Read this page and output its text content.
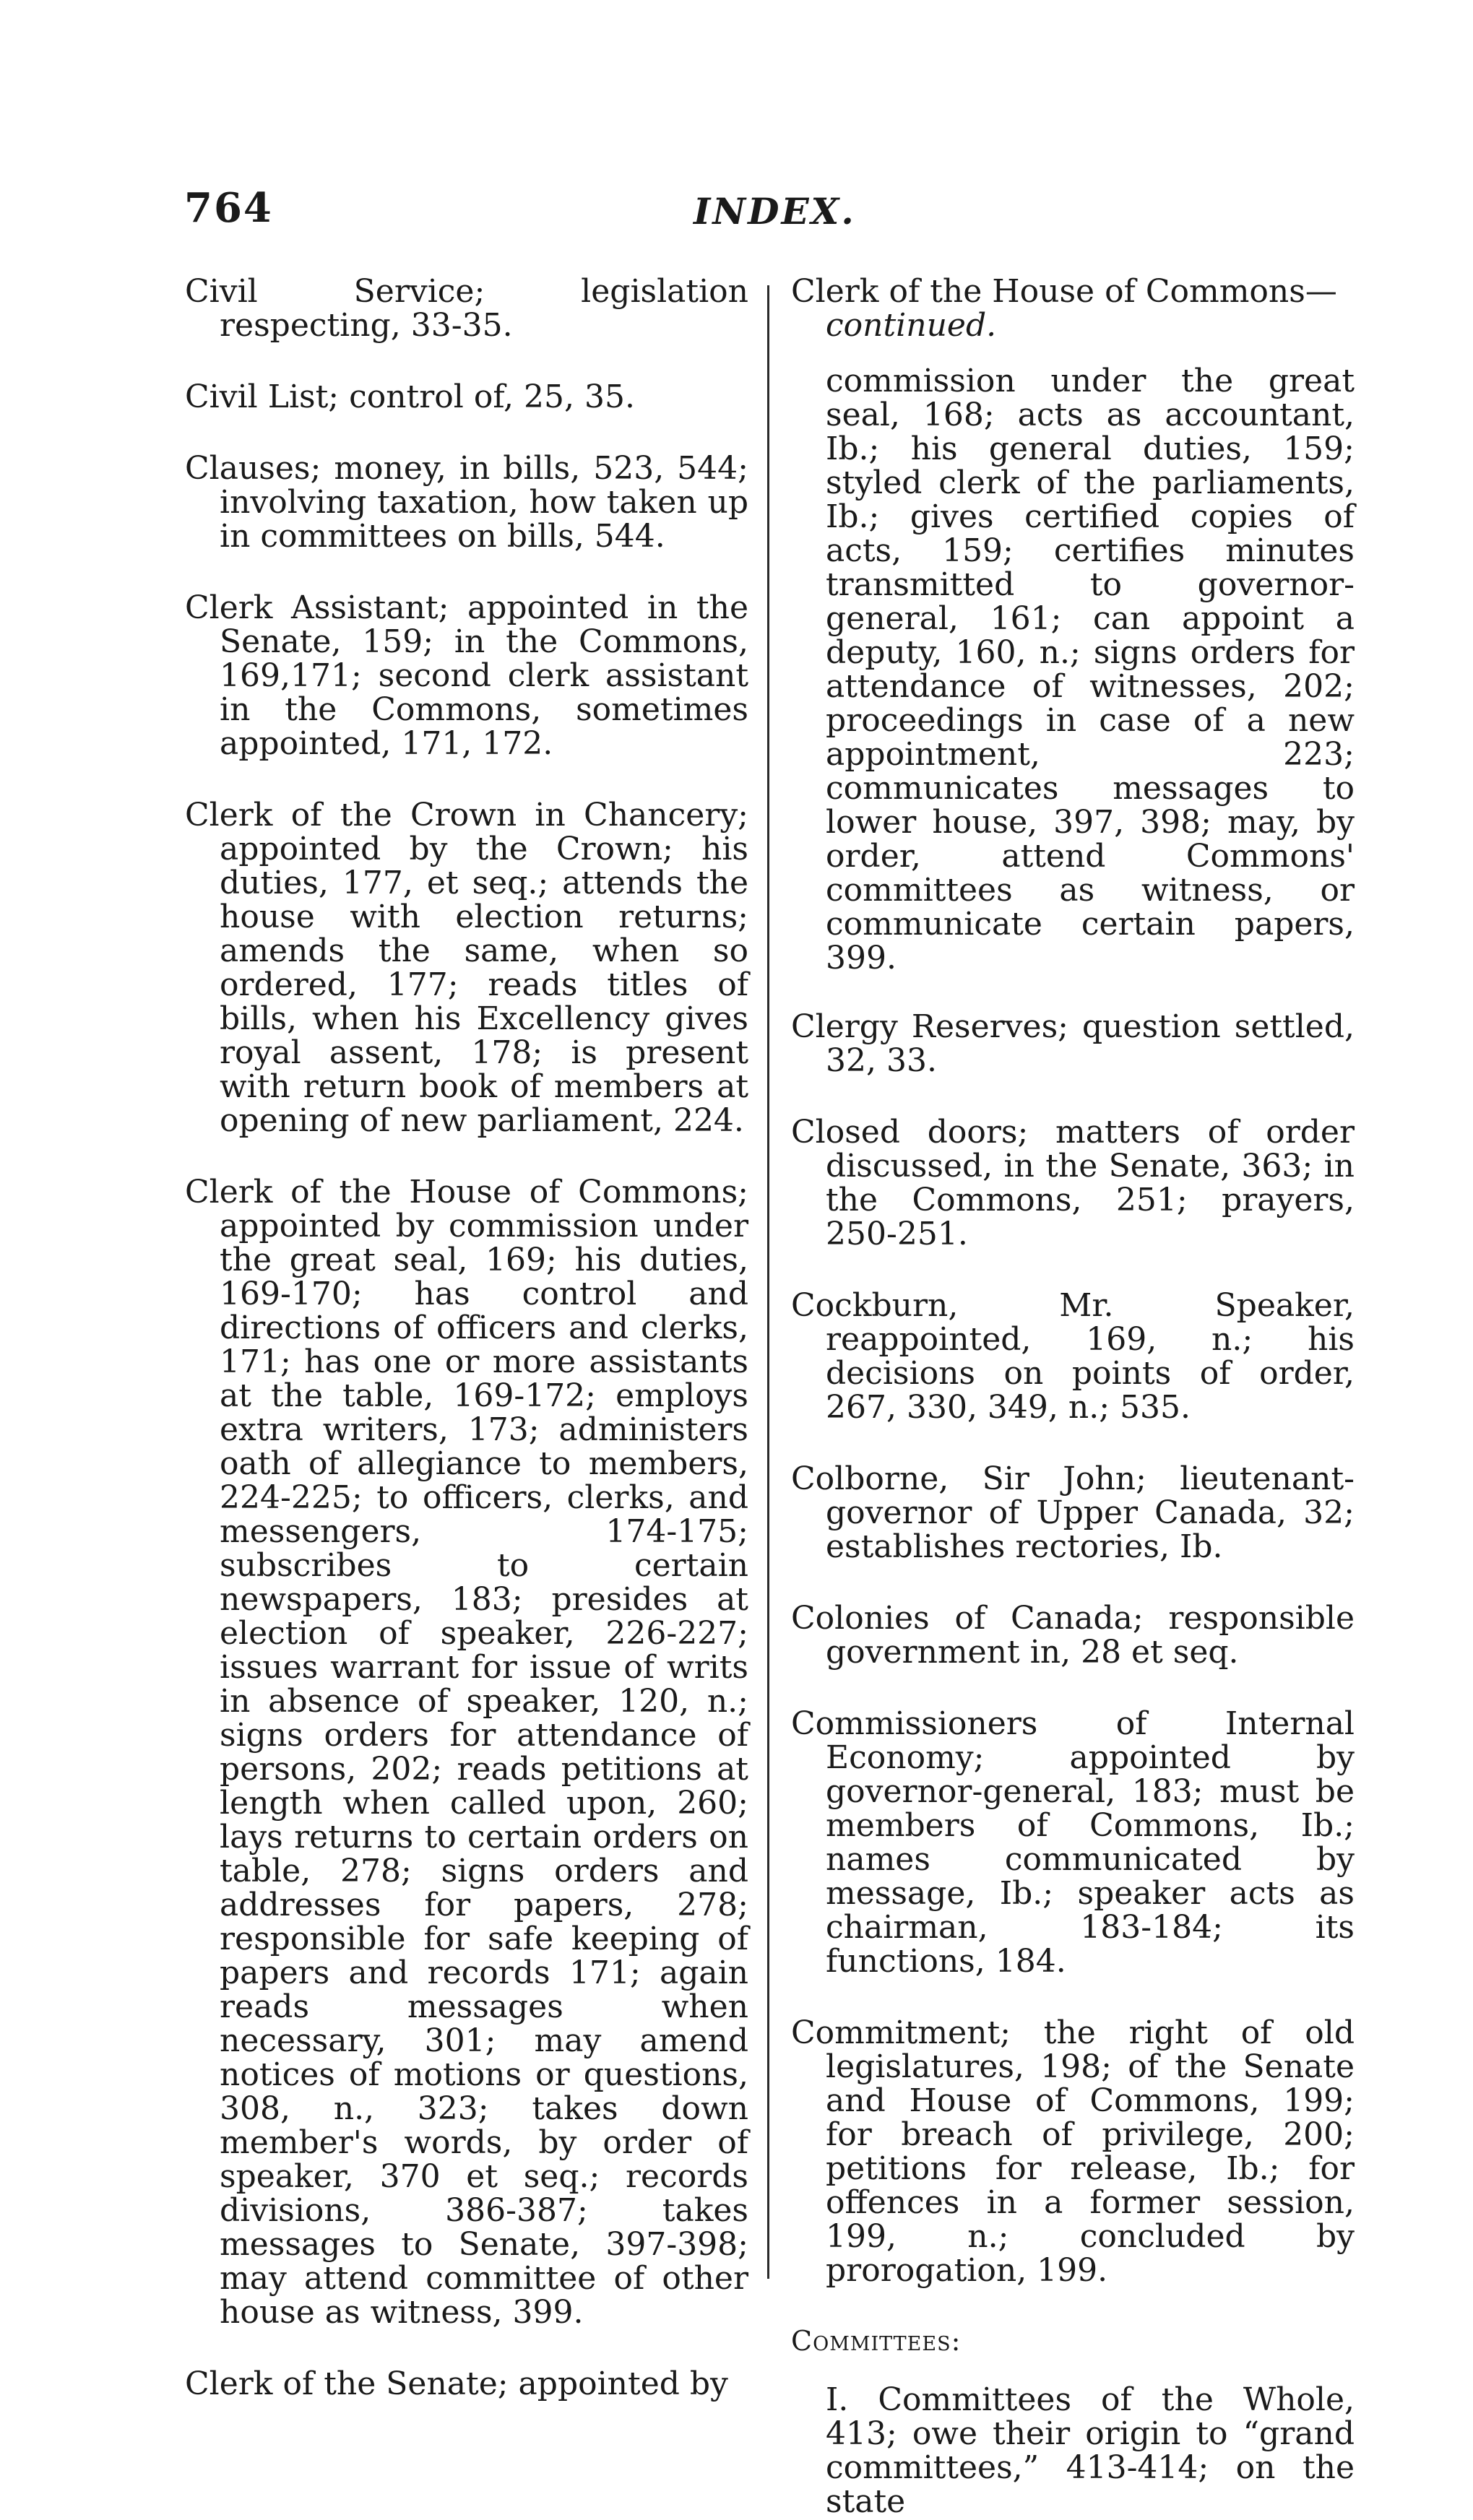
764	INDEX.

Civil Service; legislation respecting, 33-35.

Civil List; control of, 25, 35.

Clauses; money, in bills, 523, 544; involving taxation, how taken up in committees on bills, 544.

Clerk Assistant; appointed in the Senate, 159; in the Commons, 169,171; second clerk assistant in the Commons, sometimes appointed, 171, 172.

Clerk of the Crown in Chancery; appointed by the Crown; his duties, 177, et seq.; attends the house with election returns; amends the same, when so ordered, 177; reads titles of bills, when his Excellency gives royal assent, 178; is present with return book of members at opening of new parliament, 224.

Clerk of the House of Commons; appointed by commission under the great seal, 169; his duties, 169-170; has control and directions of officers and clerks, 171; has one or more assistants at the table, 169-172; employs extra writers, 173; administers oath of allegiance to members, 224-225; to officers, clerks, and messengers, 174-175; subscribes to certain newspapers, 183; presides at election of speaker, 226-227; issues warrant for issue of writs in absence of speaker, 120, n.; signs orders for attendance of persons, 202; reads petitions at length when called upon, 260; lays returns to certain orders on table, 278; signs orders and addresses for papers, 278; responsible for safe keeping of papers and records 171; again reads messages when necessary, 301; may amend notices of motions or questions, 308, n., 323; takes down member's words, by order of speaker, 370 et seq.; records divisions, 386-387; takes messages to Senate, 397-398; may attend committee of other house as witness, 399.

Clerk of the Senate; appointed by

Clerk of the House of Commons—
continued.

commission under the great seal, 168; acts as accountant, Ib.; his general duties, 159; styled clerk of the parliaments, Ib.; gives certified copies of acts, 159; certifies minutes transmitted to governor-general, 161; can appoint a deputy, 160, n.; signs orders for attendance of witnesses, 202; proceedings in case of a new appointment, 223; communicates messages to lower house, 397, 398; may, by order, attend Commons' committees as witness, or communicate certain papers, 399.

Clergy Reserves; question settled, 32, 33.

Closed doors; matters of order discussed, in the Senate, 363; in the Commons, 251; prayers, 250-251.

Cockburn, Mr. Speaker, reappointed, 169, n.; his decisions on points of order, 267, 330, 349, n.; 535.

Colborne, Sir John; lieutenant-governor of Upper Canada, 32; establishes rectories, Ib.

Colonies of Canada; responsible government in, 28 et seq.

Commissioners of Internal Economy; appointed by governor-general, 183; must be members of Commons, Ib.; names communicated by message, Ib.; speaker acts as chairman, 183-184; its functions, 184.

Commitment; the right of old legislatures, 198; of the Senate and House of Commons, 199; for breach of privilege, 200; petitions for release, Ib.; for offences in a former session, 199, n.; concluded by prorogation, 199.

Committees:

I. Committees of the Whole, 413; owe their origin to “grand committees,” 413-414; on the state
